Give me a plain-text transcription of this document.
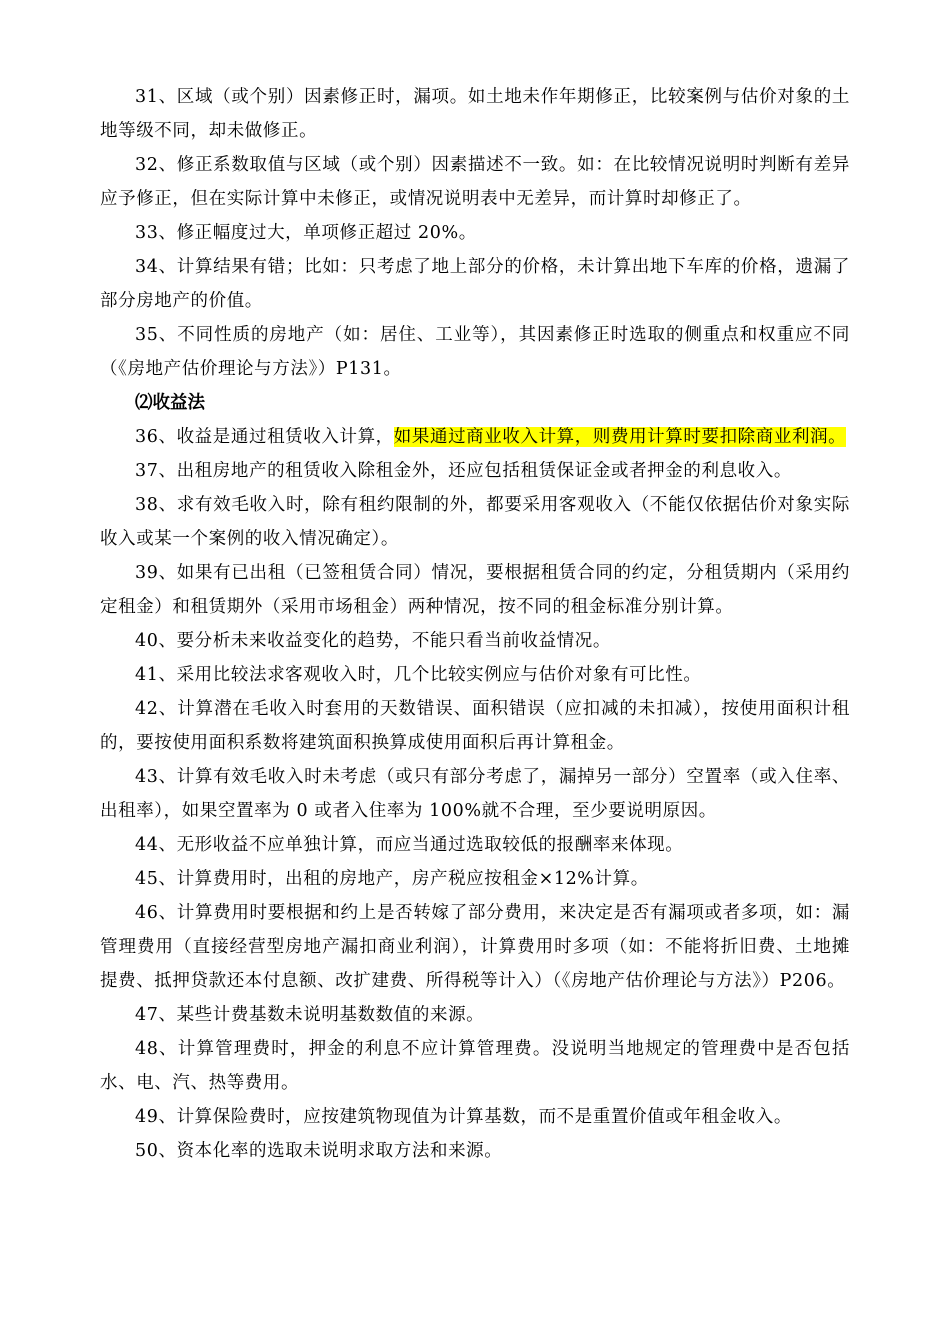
31、区域（或个别）因素修正时，漏项。如土地未作年期修正，比较案例与估价对象的土地等级不同，却未做修正。

32、修正系数取值与区域（或个别）因素描述不一致。如：在比较情况说明时判断有差异应予修正，但在实际计算中未修正，或情况说明表中无差异，而计算时却修正了。

33、修正幅度过大，单项修正超过 20%。

34、计算结果有错；比如：只考虑了地上部分的价格，未计算出地下车库的价格，遗漏了部分房地产的价值。

35、不同性质的房地产（如：居住、工业等），其因素修正时选取的侧重点和权重应不同（《房地产估价理论与方法》）P131。

⑵收益法

36、收益是通过租赁收入计算，如果通过商业收入计算，则费用计算时要扣除商业利润。

37、出租房地产的租赁收入除租金外，还应包括租赁保证金或者押金的利息收入。

38、求有效毛收入时，除有租约限制的外，都要采用客观收入（不能仅依据估价对象实际收入或某一个案例的收入情况确定）。

39、如果有已出租（已签租赁合同）情况，要根据租赁合同的约定，分租赁期内（采用约定租金）和租赁期外（采用市场租金）两种情况，按不同的租金标准分别计算。

40、要分析未来收益变化的趋势，不能只看当前收益情况。

41、采用比较法求客观收入时，几个比较实例应与估价对象有可比性。

42、计算潜在毛收入时套用的天数错误、面积错误（应扣减的未扣减），按使用面积计租的，要按使用面积系数将建筑面积换算成使用面积后再计算租金。

43、计算有效毛收入时未考虑（或只有部分考虑了，漏掉另一部分）空置率（或入住率、出租率），如果空置率为 0 或者入住率为 100%就不合理，至少要说明原因。

44、无形收益不应单独计算，而应当通过选取较低的报酬率来体现。

45、计算费用时，出租的房地产，房产税应按租金×12%计算。

46、计算费用时要根据和约上是否转嫁了部分费用，来决定是否有漏项或者多项，如：漏管理费用（直接经营型房地产漏扣商业利润），计算费用时多项（如：不能将折旧费、土地摊提费、抵押贷款还本付息额、改扩建费、所得税等计入）（《房地产估价理论与方法》）P206。

47、某些计费基数未说明基数数值的来源。

48、计算管理费时，押金的利息不应计算管理费。没说明当地规定的管理费中是否包括水、电、汽、热等费用。

49、计算保险费时，应按建筑物现值为计算基数，而不是重置价值或年租金收入。

50、资本化率的选取未说明求取方法和来源。
